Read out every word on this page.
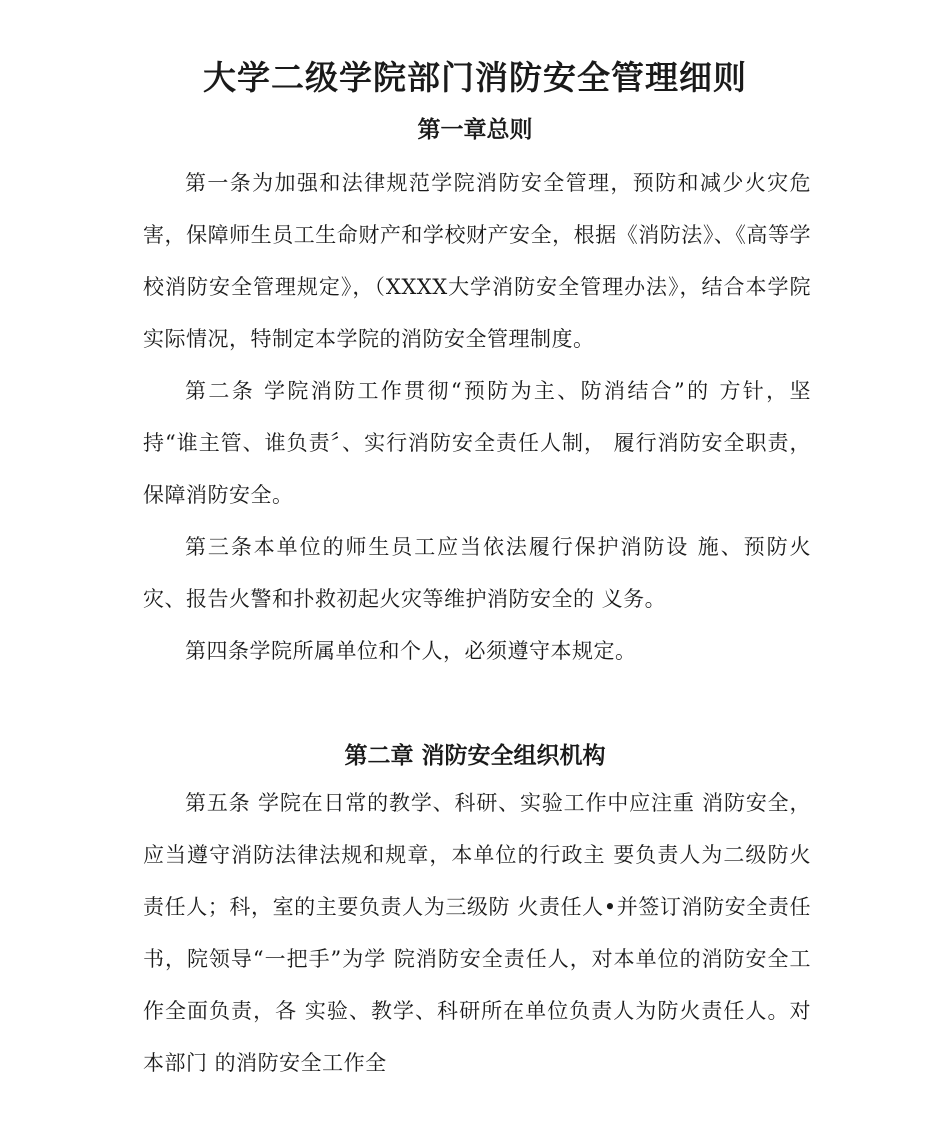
大学二级学院部门消防安全管理细则
第一章总则

第一条为加强和法律规范学院消防安全管理，预防和减少火灾危害，保障师生员工生命财产和学校财产安全，根据《消防法》、《高等学校消防安全管理规定》，（XXXX大学消防安全管理办法》，结合本学院实际情况，特制定本学院的消防安全管理制度。

第二条 学院消防工作贯彻“预防为主、防消结合”的 方针，坚持“谁主管、谁负责〞、实行消防安全责任人制， 履行消防安全职责，保障消防安全。

第三条本单位的师生员工应当依法履行保护消防设 施、预防火灾、报告火警和扑救初起火灾等维护消防安全的 义务。

第四条学院所属单位和个人，必须遵守本规定。

第二章 消防安全组织机构

第五条 学院在日常的教学、科研、实验工作中应注重 消防安全，应当遵守消防法律法规和规章，本单位的行政主 要负责人为二级防火责任人；科，室的主要负责人为三级防 火责任人•并签订消防安全责任书，院领导“一把手”为学 院消防安全责任人，对本单位的消防安全工作全面负责，各 实验、教学、科研所在单位负责人为防火责任人。对本部门 的消防安全工作全
